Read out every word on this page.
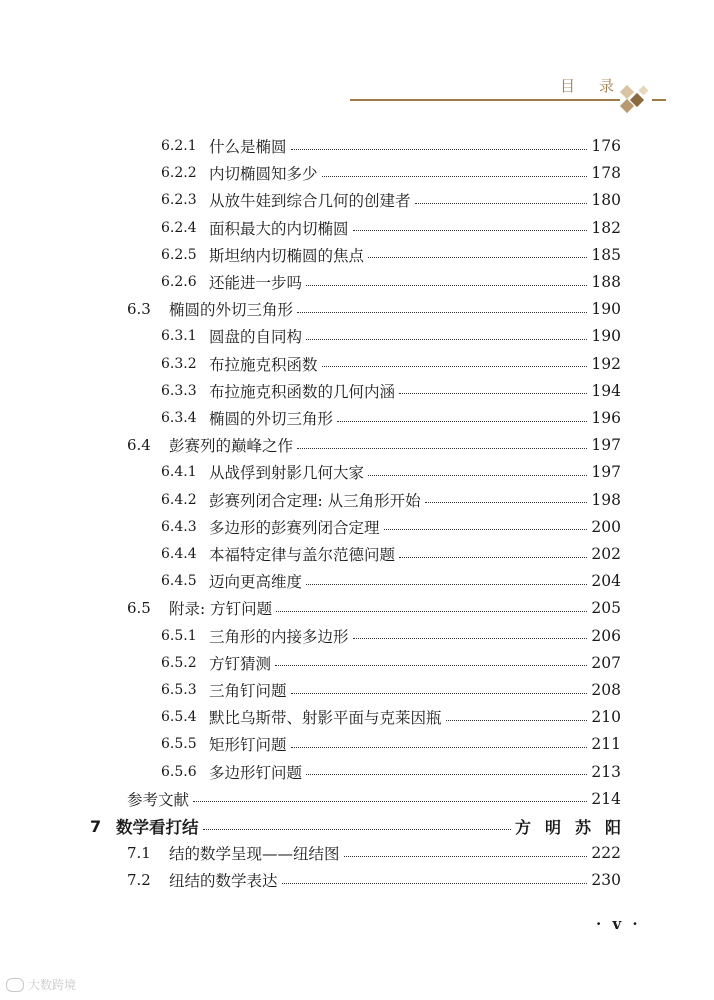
目 录
6.2.1 什么是椭圆	176
6.2.2 内切椭圆知多少	178
6.2.3 从放牛娃到综合几何的创建者	180
6.2.4 面积最大的内切椭圆	182
6.2.5 斯坦纳内切椭圆的焦点	185
6.2.6 还能进一步吗	188
6.3	椭圆的外切三角形	190
6.3.1 圆盘的自同构	190
6.3.2 布拉施克积函数	192
6.3.3 布拉施克积函数的几何内涵	194
6.3.4 椭圆的外切三角形	196
6.4	彭赛列的巅峰之作	197
6.4.1 从战俘到射影几何大家	197
6.4.2 彭赛列闭合定理: 从三角形开始	198
6.4.3 多边形的彭赛列闭合定理	200
6.4.4 本福特定律与盖尔范德问题	202
6.4.5 迈向更高维度	204
6.5	附录: 方钉问题	205
6.5.1 三角形的内接多边形	206
6.5.2 方钉猜测	207
6.5.3 三角钉问题	208
6.5.4 默比乌斯带、射影平面与克莱因瓶	210
6.5.5 矩形钉问题	211
6.5.6 多边形钉问题	213
参考文献	214
7 数学看打结	方明苏阳
7.1	结的数学呈现——纽结图	222
7.2	纽结的数学表达	230
· v ·
大数跨境
